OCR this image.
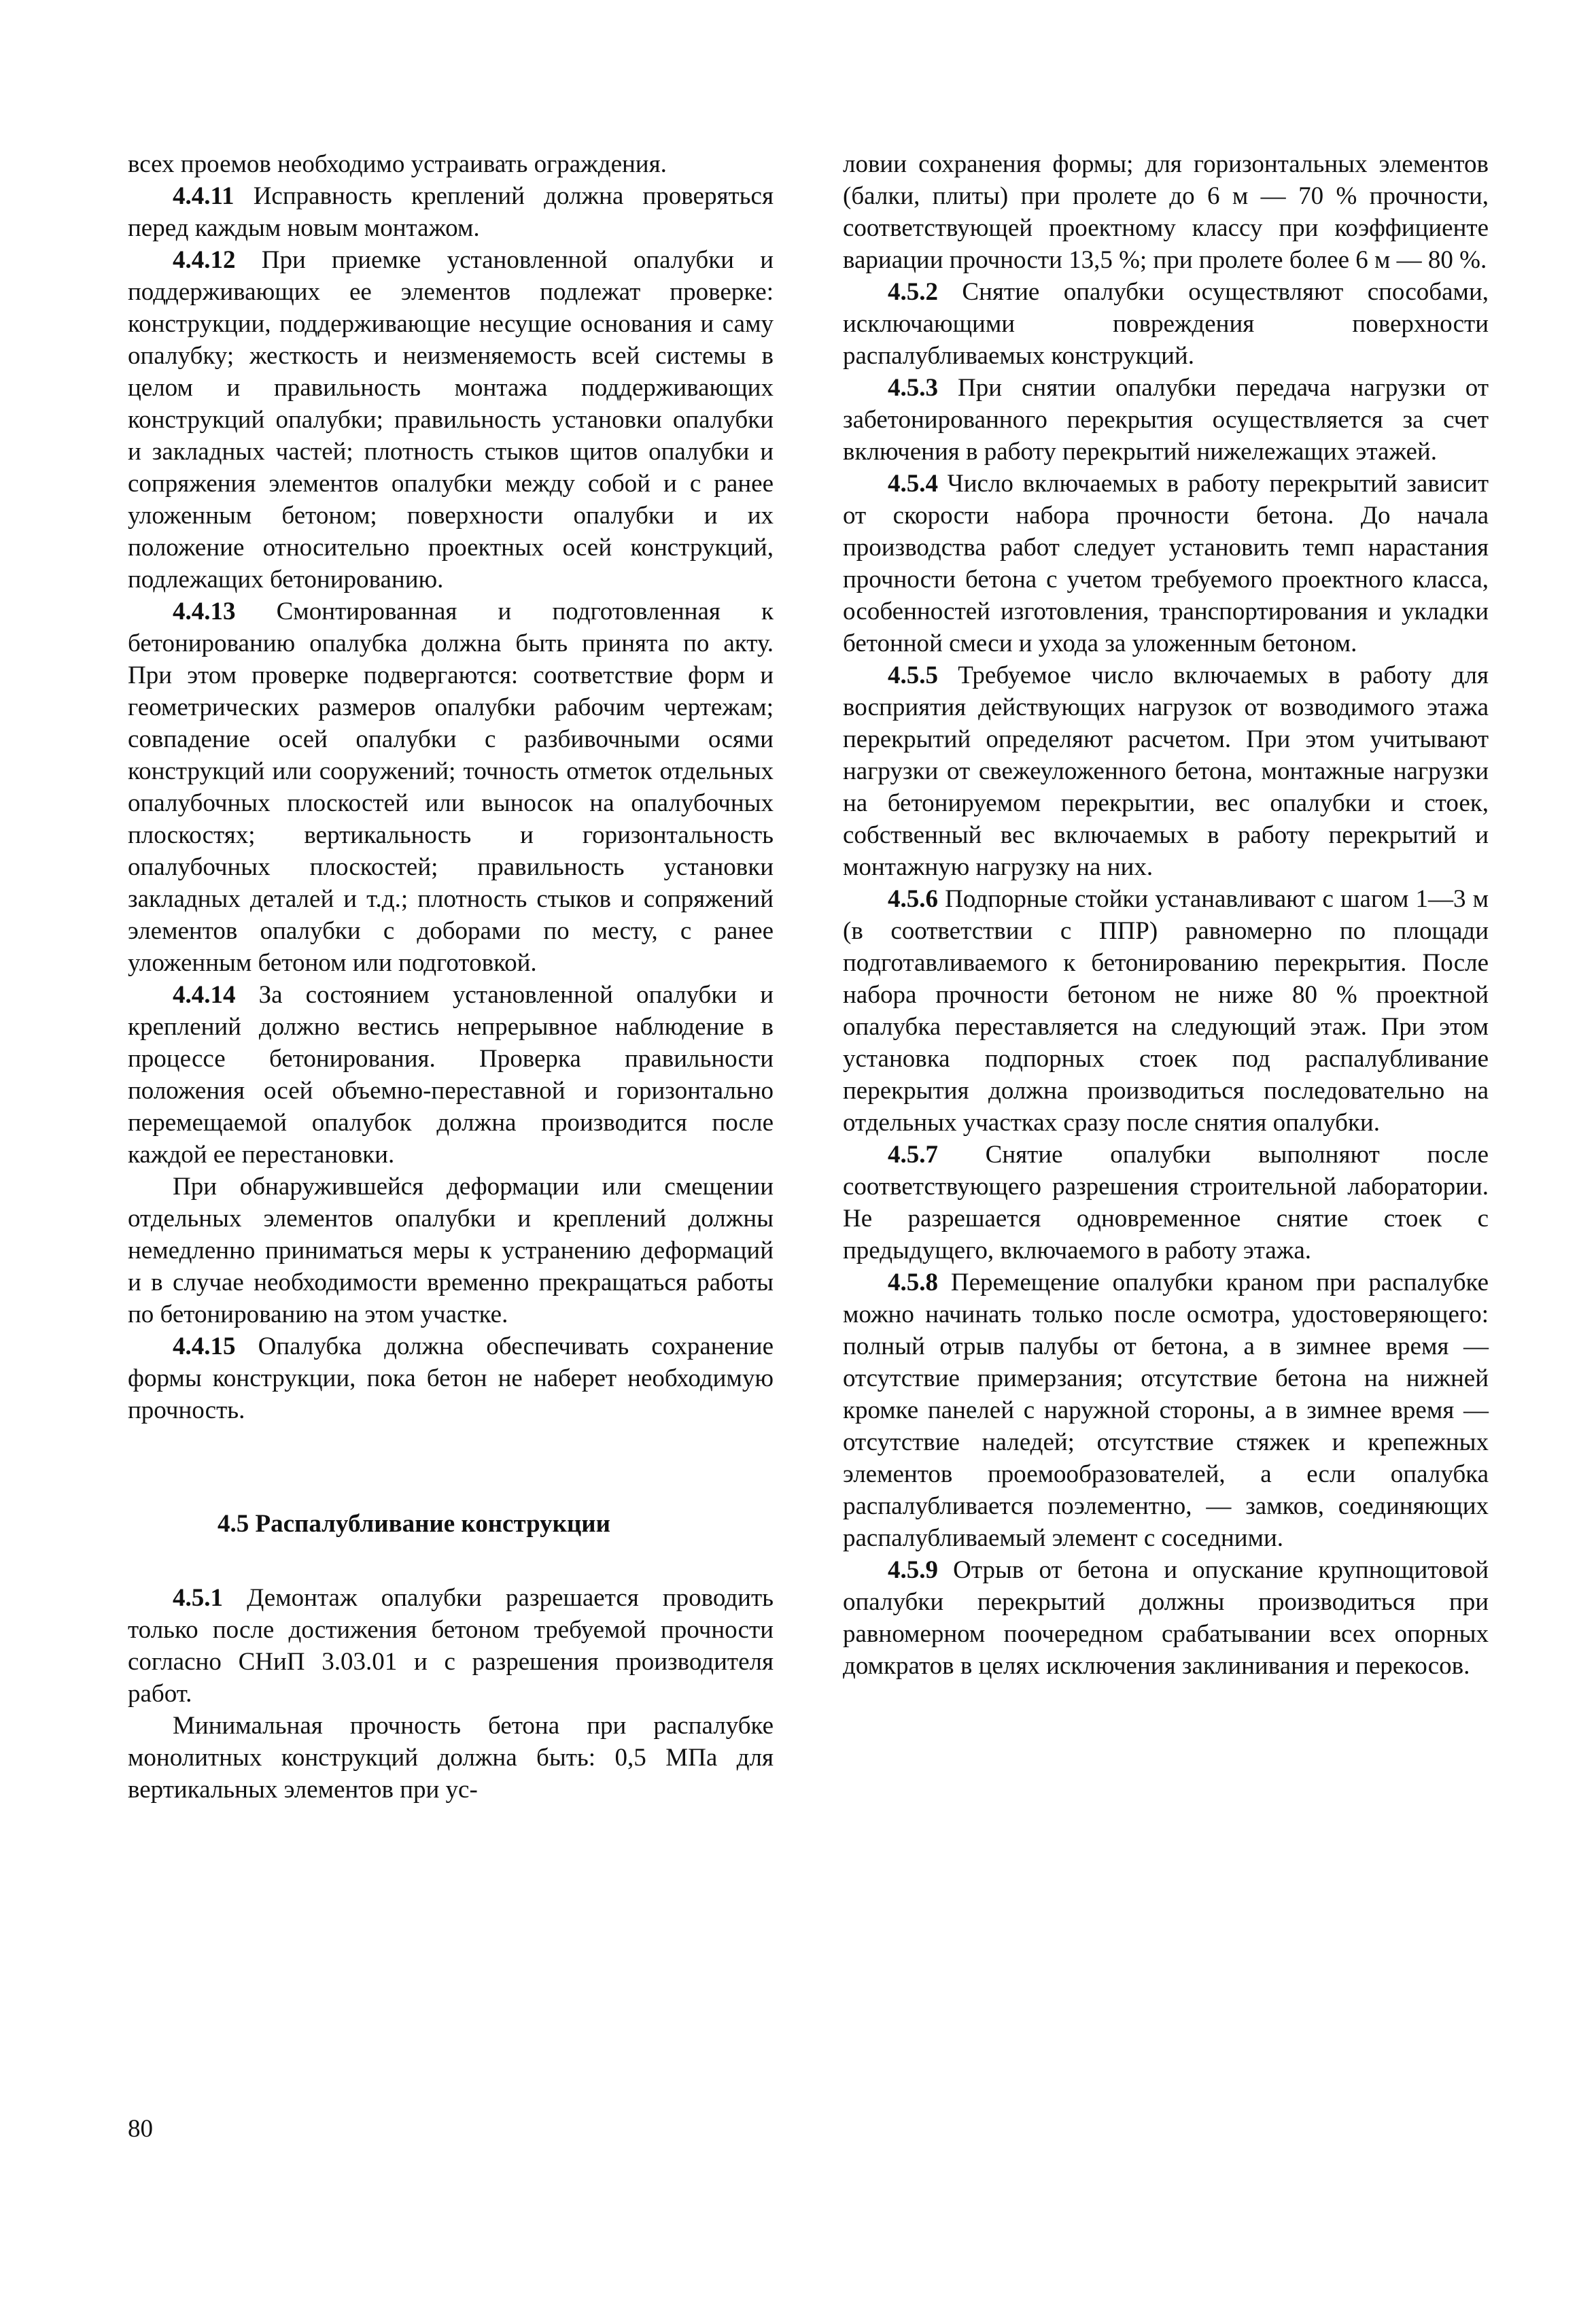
всех проемов необходимо устраивать ограждения.

4.4.11 Исправность креплений должна проверяться перед каждым новым монтажом.

4.4.12 При приемке установленной опалубки и поддерживающих ее элементов подлежат проверке: конструкции, поддерживающие несущие основания и саму опалубку; жесткость и неизменяемость всей системы в целом и правильность монтажа поддерживающих конструкций опалубки; правильность установки опалубки и закладных частей; плотность стыков щитов опалубки и сопряжения элементов опалубки между собой и с ранее уложенным бетоном; поверхности опалубки и их положение относительно проектных осей конструкций, подлежащих бетонированию.

4.4.13 Смонтированная и подготовленная к бетонированию опалубка должна быть принята по акту. При этом проверке подвергаются: соответствие форм и геометрических размеров опалубки рабочим чертежам; совпадение осей опалубки с разбивочными осями конструкций или сооружений; точность отметок отдельных опалубочных плоскостей или выносок на опалубочных плоскостях; вертикальность и горизонтальность опалубочных плоскостей; правильность установки закладных деталей и т.д.; плотность стыков и сопряжений элементов опалубки с доборами по месту, с ранее уложенным бетоном или подготовкой.

4.4.14 За состоянием установленной опалубки и креплений должно вестись непрерывное наблюдение в процессе бетонирования. Проверка правильности положения осей объемно-переставной и горизонтально перемещаемой опалубок должна производится после каждой ее перестановки.

При обнаружившейся деформации или смещении отдельных элементов опалубки и креплений должны немедленно приниматься меры к устранению деформаций и в случае необходимости временно прекращаться работы по бетонированию на этом участке.

4.4.15 Опалубка должна обеспечивать сохранение формы конструкции, пока бетон не наберет необходимую прочность.

4.5 Распалубливание конструкции

4.5.1 Демонтаж опалубки разрешается проводить только после достижения бетоном требуемой прочности согласно СНиП 3.03.01 и с разрешения производителя работ.

Минимальная прочность бетона при распалубке монолитных конструкций должна быть: 0,5 МПа для вертикальных элементов при ус-

ловии сохранения формы; для горизонтальных элементов (балки, плиты) при пролете до 6 м — 70 % прочности, соответствующей проектному классу при коэффициенте вариации прочности 13,5 %; при пролете более 6 м — 80 %.

4.5.2 Снятие опалубки осуществляют способами, исключающими повреждения поверхности распалубливаемых конструкций.

4.5.3 При снятии опалубки передача нагрузки от забетонированного перекрытия осуществляется за счет включения в работу перекрытий нижележащих этажей.

4.5.4 Число включаемых в работу перекрытий зависит от скорости набора прочности бетона. До начала производства работ следует установить темп нарастания прочности бетона с учетом требуемого проектного класса, особенностей изготовления, транспортирования и укладки бетонной смеси и ухода за уложенным бетоном.

4.5.5 Требуемое число включаемых в работу для восприятия действующих нагрузок от возводимого этажа перекрытий определяют расчетом. При этом учитывают нагрузки от свежеуложенного бетона, монтажные нагрузки на бетонируемом перекрытии, вес опалубки и стоек, собственный вес включаемых в работу перекрытий и монтажную нагрузку на них.

4.5.6 Подпорные стойки устанавливают с шагом 1—3 м (в соответствии с ППР) равномерно по площади подготавливаемого к бетонированию перекрытия. После набора прочности бетоном не ниже 80 % проектной опалубка переставляется на следующий этаж. При этом установка подпорных стоек под распалубливание перекрытия должна производиться последовательно на отдельных участках сразу после снятия опалубки.

4.5.7 Снятие опалубки выполняют после соответствующего разрешения строительной лаборатории. Не разрешается одновременное снятие стоек с предыдущего, включаемого в работу этажа.

4.5.8 Перемещение опалубки краном при распалубке можно начинать только после осмотра, удостоверяющего: полный отрыв палубы от бетона, а в зимнее время — отсутствие примерзания; отсутствие бетона на нижней кромке панелей с наружной стороны, а в зимнее время — отсутствие наледей; отсутствие стяжек и крепежных элементов проемообразователей, а если опалубка распалубливается поэлементно, — замков, соединяющих распалубливаемый элемент с соседними.

4.5.9 Отрыв от бетона и опускание крупнощитовой опалубки перекрытий должны производиться при равномерном поочередном срабатывании всех опорных домкратов в целях исключения заклинивания и перекосов.

80
